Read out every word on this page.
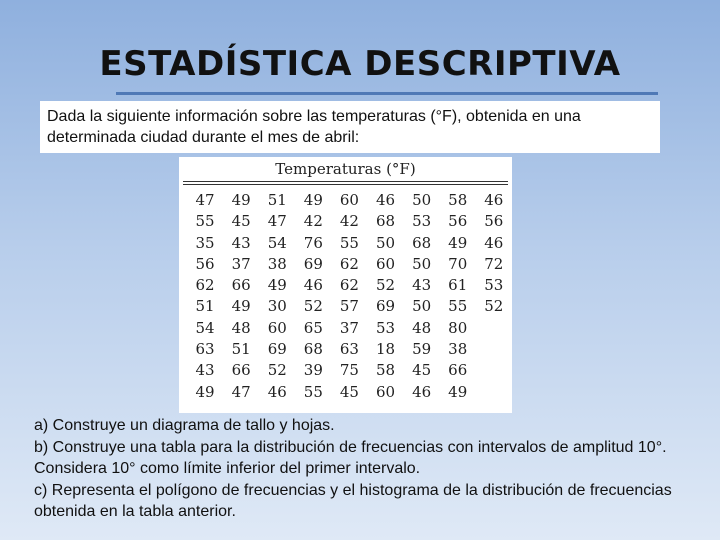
ESTADÍSTICA DESCRIPTIVA
Dada la siguiente información sobre las temperaturas (°F), obtenida en una determinada ciudad durante el mes de abril:
Temperaturas (°F)
47	49	51	49	60	46	50	58	46
55	45	47	42	42	68	53	56	56
35	43	54	76	55	50	68	49	46
56	37	38	69	62	60	50	70	72
62	66	49	46	62	52	43	61	53
51	49	30	52	57	69	50	55	52
54	48	60	65	37	53	48	80
63	51	69	68	63	18	59	38
43	66	52	39	75	58	45	66
49	47	46	55	45	60	46	49

a) Construye un diagrama de tallo y hojas.

b) Construye una tabla para la distribución de frecuencias con intervalos de amplitud 10°. Considera 10° como límite inferior del primer intervalo.

c) Representa el polígono de frecuencias y el histograma de la distribución de frecuencias obtenida en la tabla anterior.
